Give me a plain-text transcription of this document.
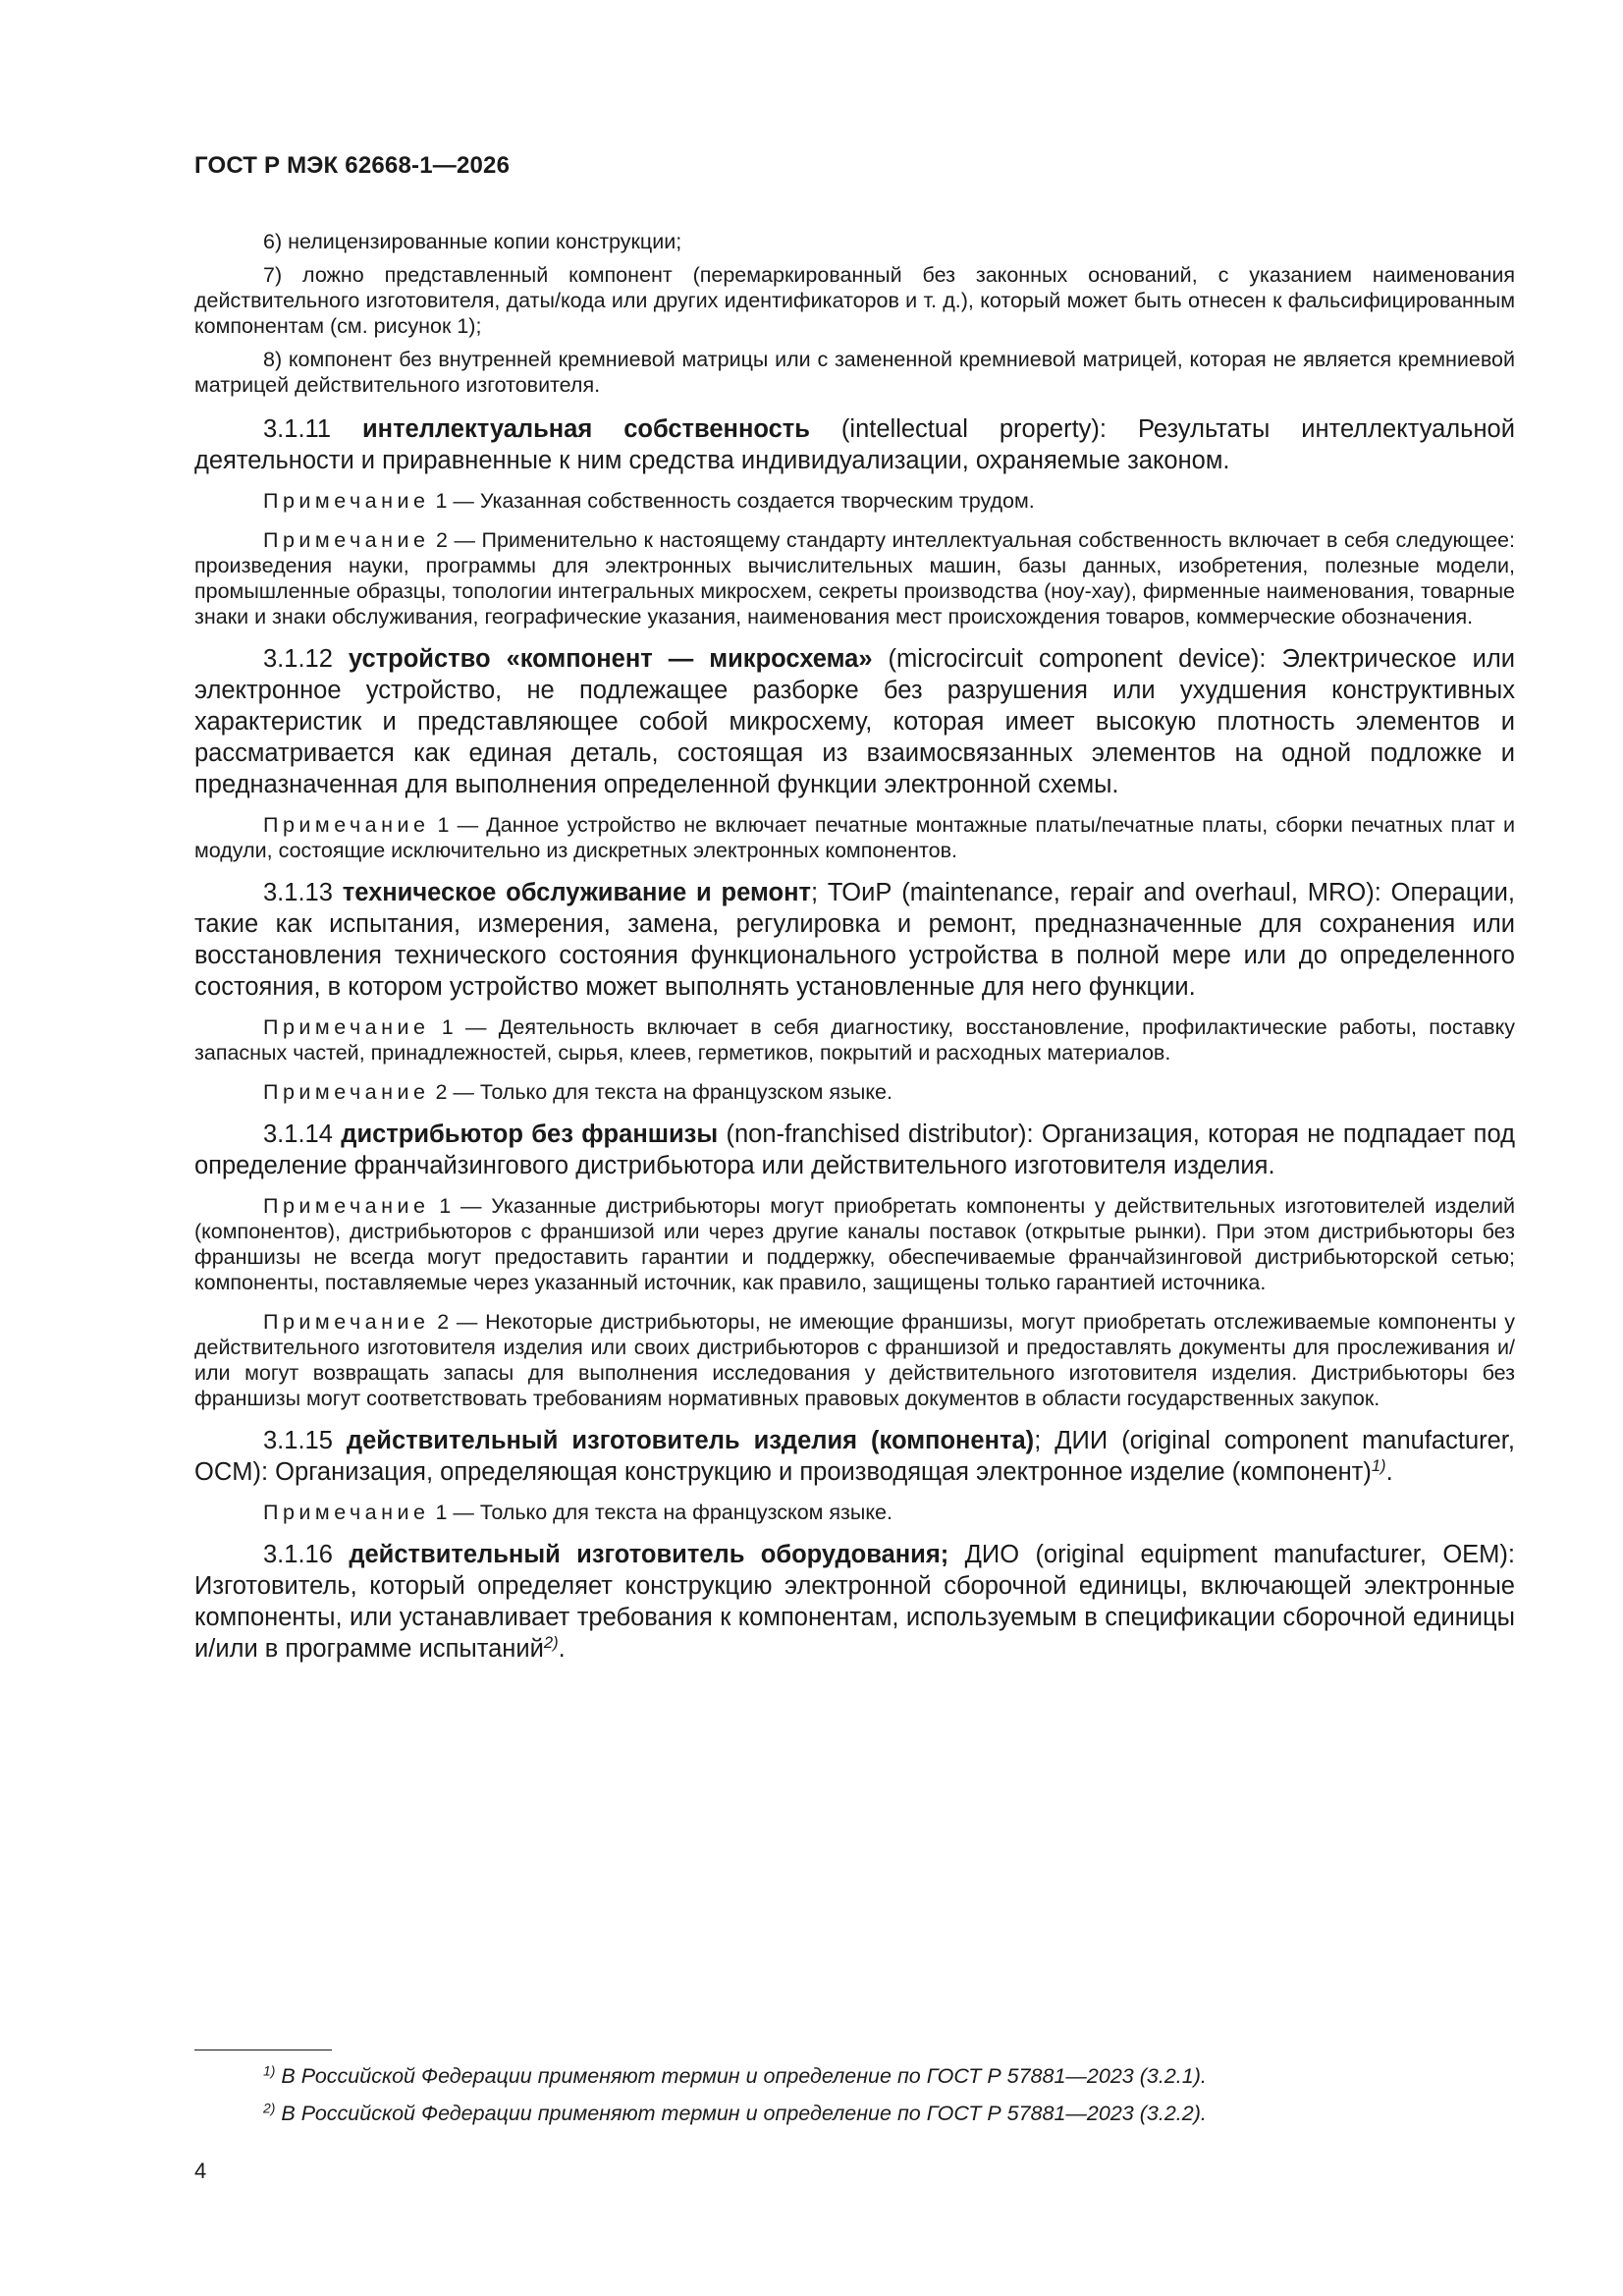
ГОСТ Р МЭК 62668-1—2026

6) нелицензированные копии конструкции;

7) ложно представленный компонент (перемаркированный без законных оснований, с указанием наименования действительного изготовителя, даты/кода или других идентификаторов и т. д.), который может быть отнесен к фальсифицированным компонентам (см. рисунок 1);

8) компонент без внутренней кремниевой матрицы или с замененной кремниевой матрицей, которая не является кремниевой матрицей действительного изготовителя.

3.1.11 интеллектуальная собственность (intellectual property): Результаты интеллектуальной деятельности и приравненные к ним средства индивидуализации, охраняемые законом.

Примечание 1 — Указанная собственность создается творческим трудом.

Примечание 2 — Применительно к настоящему стандарту интеллектуальная собственность включает в себя следующее: произведения науки, программы для электронных вычислительных машин, базы данных, изобретения, полезные модели, промышленные образцы, топологии интегральных микросхем, секреты производства (ноу-хау), фирменные наименования, товарные знаки и знаки обслуживания, географические указания, наименования мест происхождения товаров, коммерческие обозначения.

3.1.12 устройство «компонент — микросхема» (microcircuit component device): Электрическое или электронное устройство, не подлежащее разборке без разрушения или ухудшения конструктивных характеристик и представляющее собой микросхему, которая имеет высокую плотность элементов и рассматривается как единая деталь, состоящая из взаимосвязанных элементов на одной подложке и предназначенная для выполнения определенной функции электронной схемы.

Примечание 1 — Данное устройство не включает печатные монтажные платы/печатные платы, сборки печатных плат и модули, состоящие исключительно из дискретных электронных компонентов.

3.1.13 техническое обслуживание и ремонт; ТОиР (maintenance, repair and overhaul, MRO): Операции, такие как испытания, измерения, замена, регулировка и ремонт, предназначенные для сохранения или восстановления технического состояния функционального устройства в полной мере или до определенного состояния, в котором устройство может выполнять установленные для него функции.

Примечание 1 — Деятельность включает в себя диагностику, восстановление, профилактические работы, поставку запасных частей, принадлежностей, сырья, клеев, герметиков, покрытий и расходных материалов.

Примечание 2 — Только для текста на французском языке.

3.1.14 дистрибьютор без франшизы (non-franchised distributor): Организация, которая не подпадает под определение франчайзингового дистрибьютора или действительного изготовителя изделия.

Примечание 1 — Указанные дистрибьюторы могут приобретать компоненты у действительных изготовителей изделий (компонентов), дистрибьюторов с франшизой или через другие каналы поставок (открытые рынки). При этом дистрибьюторы без франшизы не всегда могут предоставить гарантии и поддержку, обеспечиваемые франчайзинговой дистрибьюторской сетью; компоненты, поставляемые через указанный источник, как правило, защищены только гарантией источника.

Примечание 2 — Некоторые дистрибьюторы, не имеющие франшизы, могут приобретать отслеживаемые компоненты у действительного изготовителя изделия или своих дистрибьюторов с франшизой и предоставлять документы для прослеживания и/или могут возвращать запасы для выполнения исследования у действительного изготовителя изделия. Дистрибьюторы без франшизы могут соответствовать требованиям нормативных правовых документов в области государственных закупок.

3.1.15 действительный изготовитель изделия (компонента); ДИИ (original component manufacturer, OCM): Организация, определяющая конструкцию и производящая электронное изделие (компонент)$^{1)}$.

Примечание 1 — Только для текста на французском языке.

3.1.16 действительный изготовитель оборудования; ДИО (original equipment manufacturer, OEM): Изготовитель, который определяет конструкцию электронной сборочной единицы, включающей электронные компоненты, или устанавливает требования к компонентам, используемым в спецификации сборочной единицы и/или в программе испытаний$^{2)}$.

$^{1)}$ В Российской Федерации применяют термин и определение по ГОСТ Р 57881—2023 (3.2.1).

$^{2)}$ В Российской Федерации применяют термин и определение по ГОСТ Р 57881—2023 (3.2.2).

4
